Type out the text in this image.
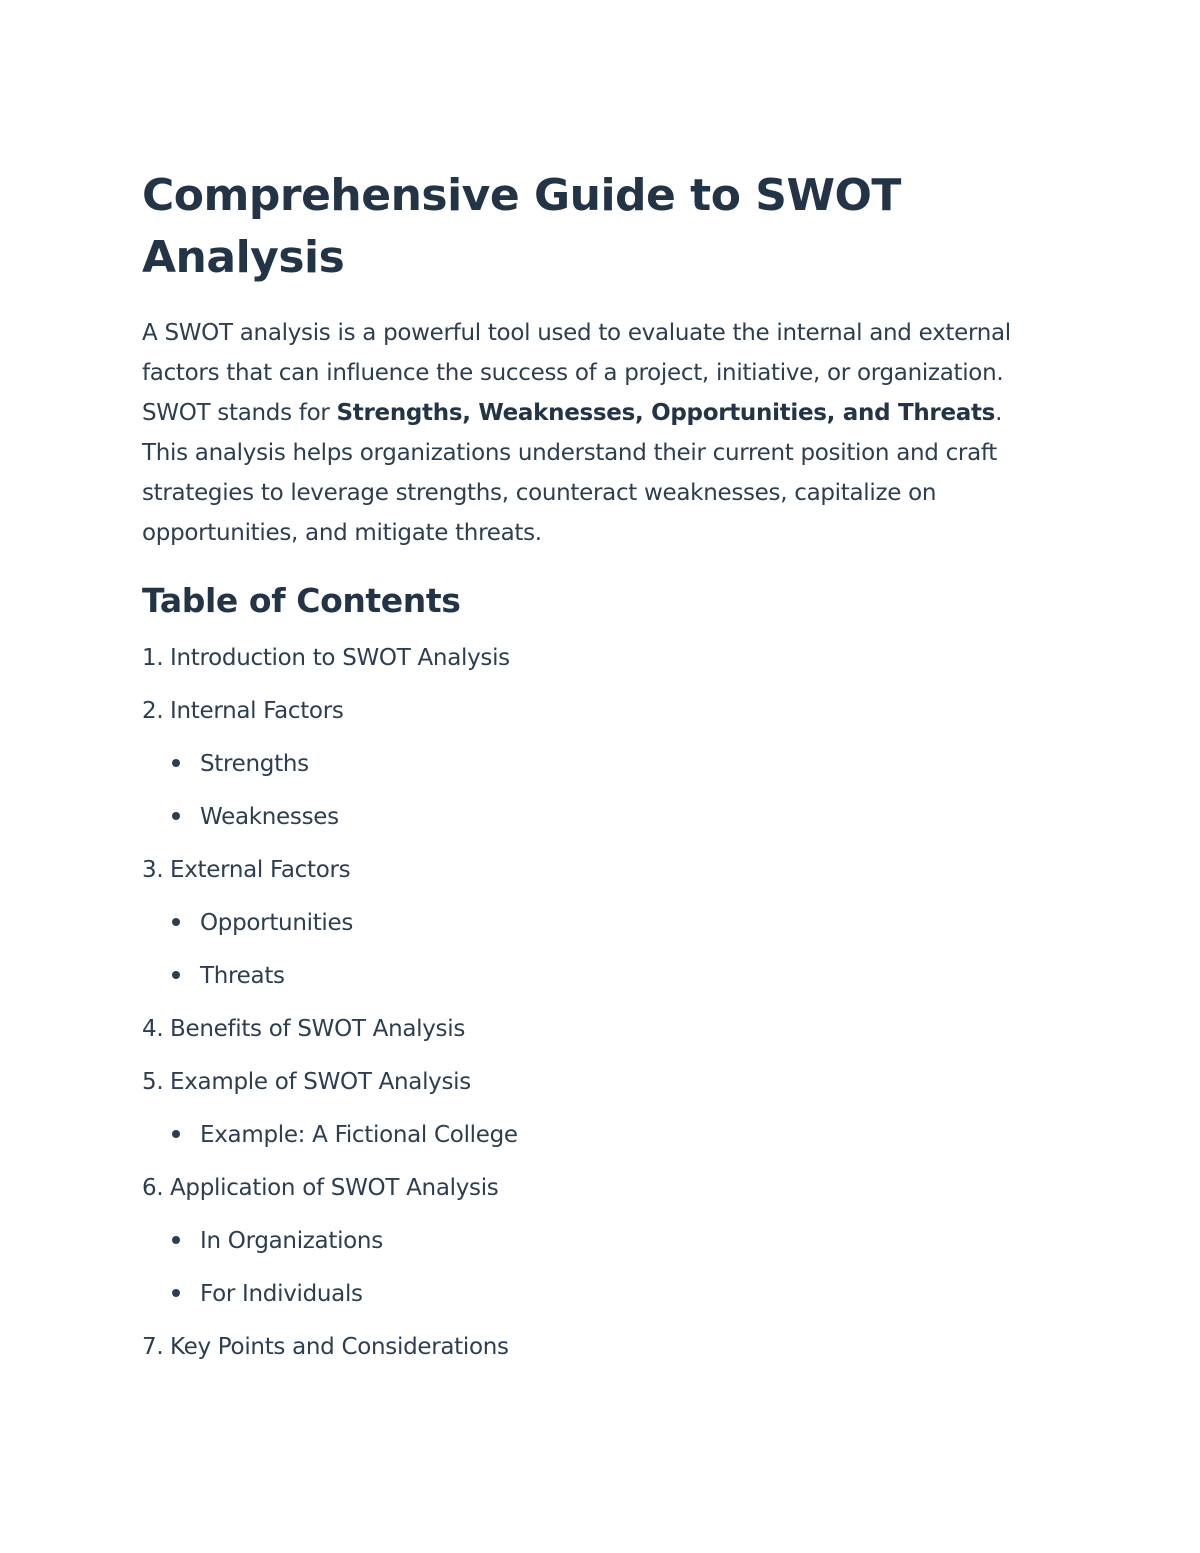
Comprehensive Guide to SWOT Analysis

A SWOT analysis is a powerful tool used to evaluate the internal and external factors that can influence the success of a project, initiative, or organization. SWOT stands for Strengths, Weaknesses, Opportunities, and Threats. This analysis helps organizations understand their current position and craft strategies to leverage strengths, counteract weaknesses, capitalize on opportunities, and mitigate threats.

Table of Contents
1. Introduction to SWOT Analysis
2. Internal Factors
Strengths
Weaknesses
3. External Factors
Opportunities
Threats
4. Benefits of SWOT Analysis
5. Example of SWOT Analysis
Example: A Fictional College
6. Application of SWOT Analysis
In Organizations
For Individuals
7. Key Points and Considerations
